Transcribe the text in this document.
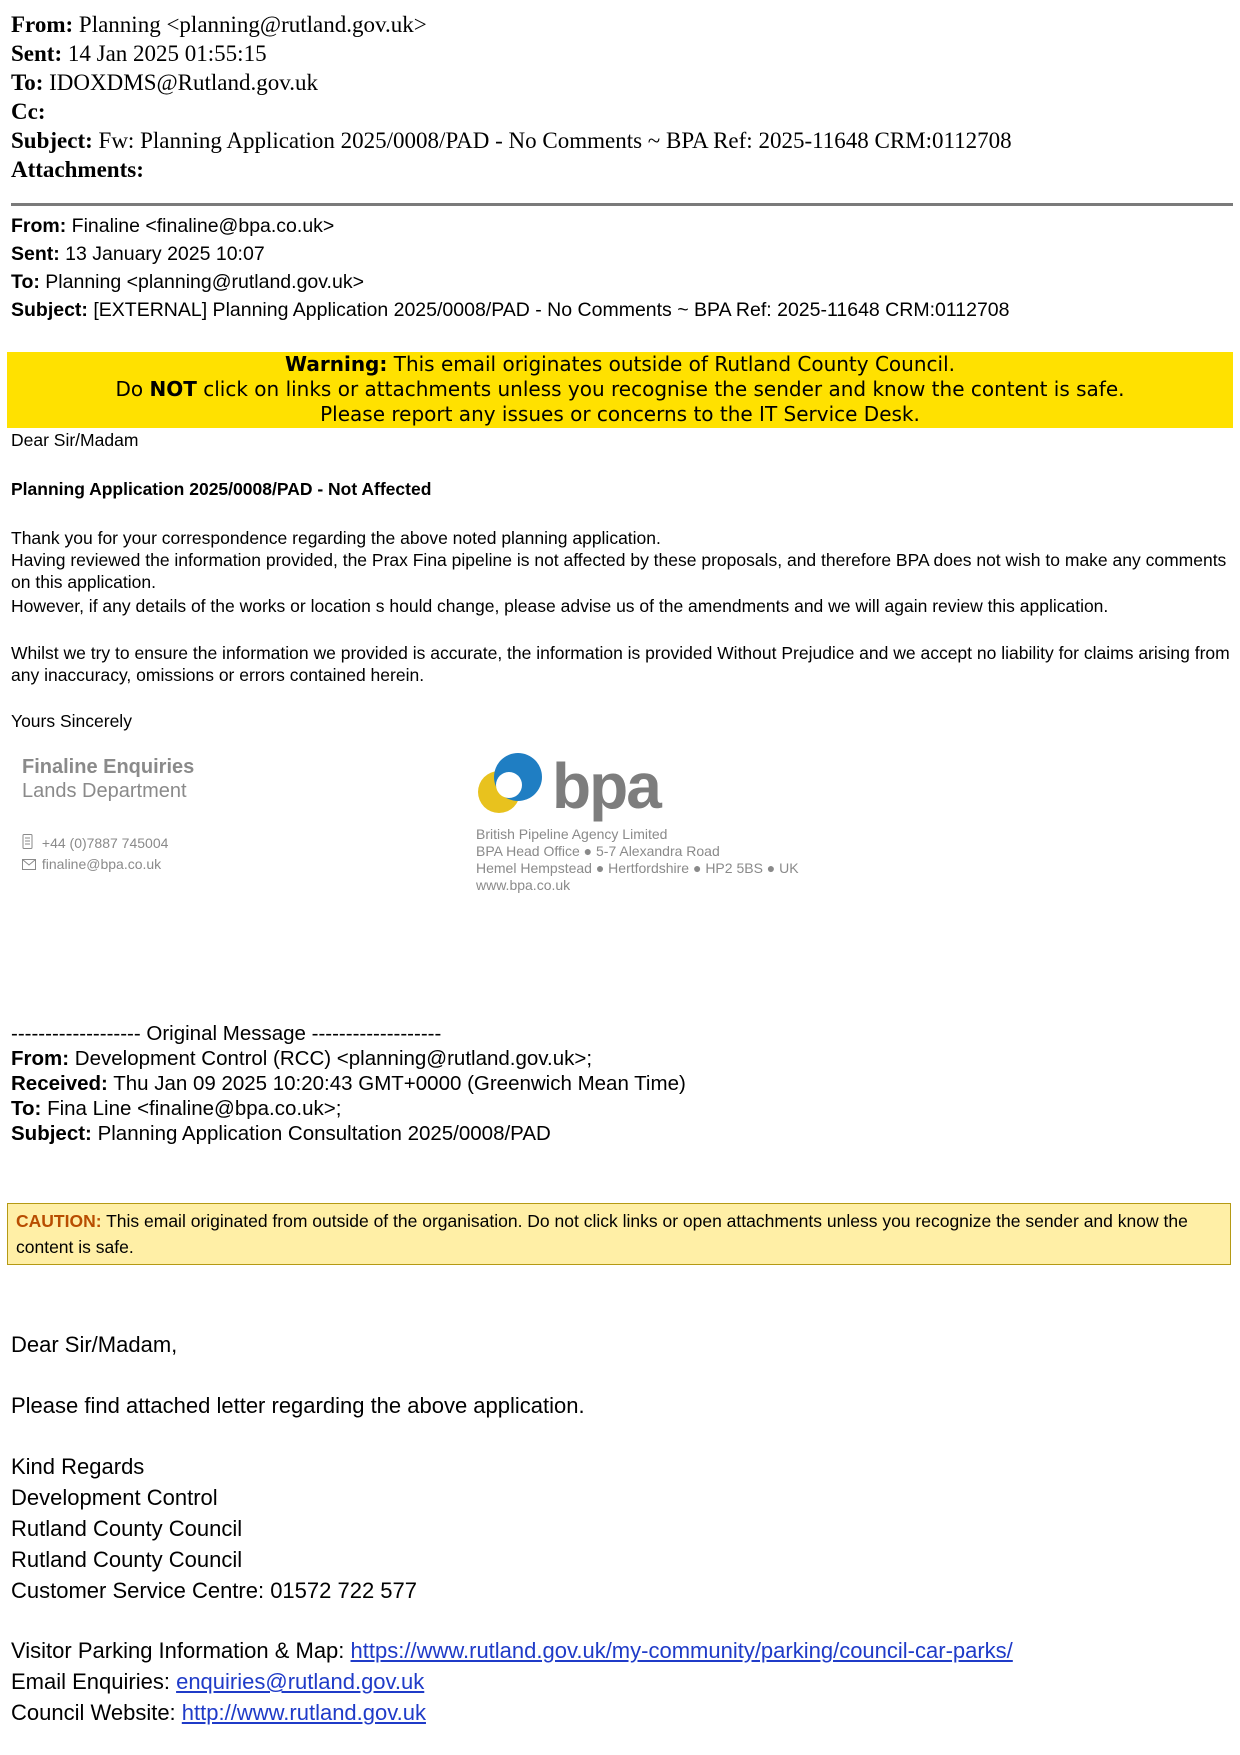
From: Planning <planning@rutland.gov.uk>
Sent: 14 Jan 2025 01:55:15
To: IDOXDMS@Rutland.gov.uk
Cc:
Subject: Fw: Planning Application 2025/0008/PAD - No Comments ~ BPA Ref: 2025-11648 CRM:0112708
Attachments:
From: Finaline <finaline@bpa.co.uk>
Sent: 13 January 2025 10:07
To: Planning <planning@rutland.gov.uk>
Subject: [EXTERNAL] Planning Application 2025/0008/PAD - No Comments ~ BPA Ref: 2025-11648 CRM:0112708
Warning: This email originates outside of Rutland County Council.
Do NOT click on links or attachments unless you recognise the sender and know the content is safe.
Please report any issues or concerns to the IT Service Desk.
Dear Sir/Madam
Planning Application 2025/0008/PAD - Not Affected
Thank you for your correspondence regarding the above noted planning application.
Having reviewed the information provided, the Prax Fina pipeline is not affected by these proposals, and therefore BPA does not wish to make any comments on this application.
However, if any details of the works or location s hould change, please advise us of the amendments and we will again review this application.
Whilst we try to ensure the information we provided is accurate, the information is provided Without Prejudice and we accept no liability for claims arising from any inaccuracy, omissions or errors contained herein.
Yours Sincerely
Finaline Enquiries
Lands Department
+44 (0)7887 745004
finaline@bpa.co.uk
bpa
British Pipeline Agency Limited
BPA Head Office ● 5-7 Alexandra Road
Hemel Hempstead ● Hertfordshire ● HP2 5BS ● UK
www.bpa.co.uk
------------------- Original Message -------------------
From: Development Control (RCC) <planning@rutland.gov.uk>;
Received: Thu Jan 09 2025 10:20:43 GMT+0000 (Greenwich Mean Time)
To: Fina Line <finaline@bpa.co.uk>;
Subject: Planning Application Consultation 2025/0008/PAD
CAUTION: This email originated from outside of the organisation. Do not click links or open attachments unless you recognize the sender and know the content is safe.
Dear Sir/Madam,
Please find attached letter regarding the above application.
Kind Regards
Development Control
Rutland County Council
Rutland County Council
Customer Service Centre: 01572 722 577
Visitor Parking Information & Map: https://www.rutland.gov.uk/my-community/parking/council-car-parks/
Email Enquiries: enquiries@rutland.gov.uk
Council Website: http://www.rutland.gov.uk
